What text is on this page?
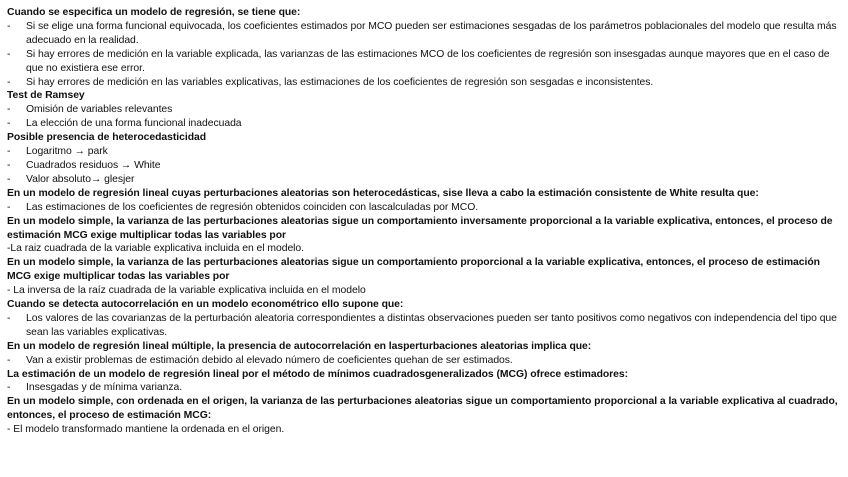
Cuando se especifica un modelo de regresión, se tiene que:
-	Si se elige una forma funcional equivocada, los coeficientes estimados por MCO pueden ser estimaciones sesgadas de los parámetros poblacionales del modelo que resulta más adecuado en la realidad.
-	Si hay errores de medición en la variable explicada, las varianzas de las estimaciones MCO de los coeficientes de regresión son insesgadas aunque mayores que en el caso de que no existiera ese error.
-	Si hay errores de medición en las variables explicativas, las estimaciones de los coeficientes de regresión son sesgadas e inconsistentes.
Test de Ramsey
-	Omisión de variables relevantes
-	La elección de una forma funcional inadecuada
Posible presencia de heterocedasticidad
-	Logaritmo → park
-	Cuadrados residuos → White
-	Valor absoluto→ glesjer
En un modelo de regresión lineal cuyas perturbaciones aleatorias son heterocedásticas, sise lleva a cabo la estimación consistente de White resulta que:
-	Las estimaciones de los coeficientes de regresión obtenidos coinciden con lascalculadas por MCO.
En un modelo simple, la varianza de las perturbaciones aleatorias sigue un comportamiento inversamente proporcional a la variable explicativa, entonces, el proceso de estimación MCG exige multiplicar todas las variables por
-La raiz cuadrada de la variable explicativa incluida en el modelo.
En un modelo simple, la varianza de las perturbaciones aleatorias sigue un comportamiento proporcional a la variable explicativa, entonces, el proceso de estimación MCG exige multiplicar todas las variables por
- La inversa de la raíz cuadrada de la variable explicativa incluida en el modelo
Cuando se detecta autocorrelación en un modelo econométrico ello supone que:
-	Los valores de las covarianzas de la perturbación aleatoria correspondientes a distintas observaciones pueden ser tanto positivos como negativos con independencia del tipo que sean las variables explicativas.
En un modelo de regresión lineal múltiple, la presencia de autocorrelación en lasperturbaciones aleatorias implica que:
-	Van a existir problemas de estimación debido al elevado número de coeficientes quehan de ser estimados.
La estimación de un modelo de regresión lineal por el método de mínimos cuadradosgeneralizados (MCG) ofrece estimadores:
-	Insesgadas y de mínima varianza.
En un modelo simple, con ordenada en el origen, la varianza de las perturbaciones aleatorias sigue un comportamiento proporcional a la variable explicativa al cuadrado, entonces, el proceso de estimación MCG:
- El modelo transformado mantiene la ordenada en el origen.
